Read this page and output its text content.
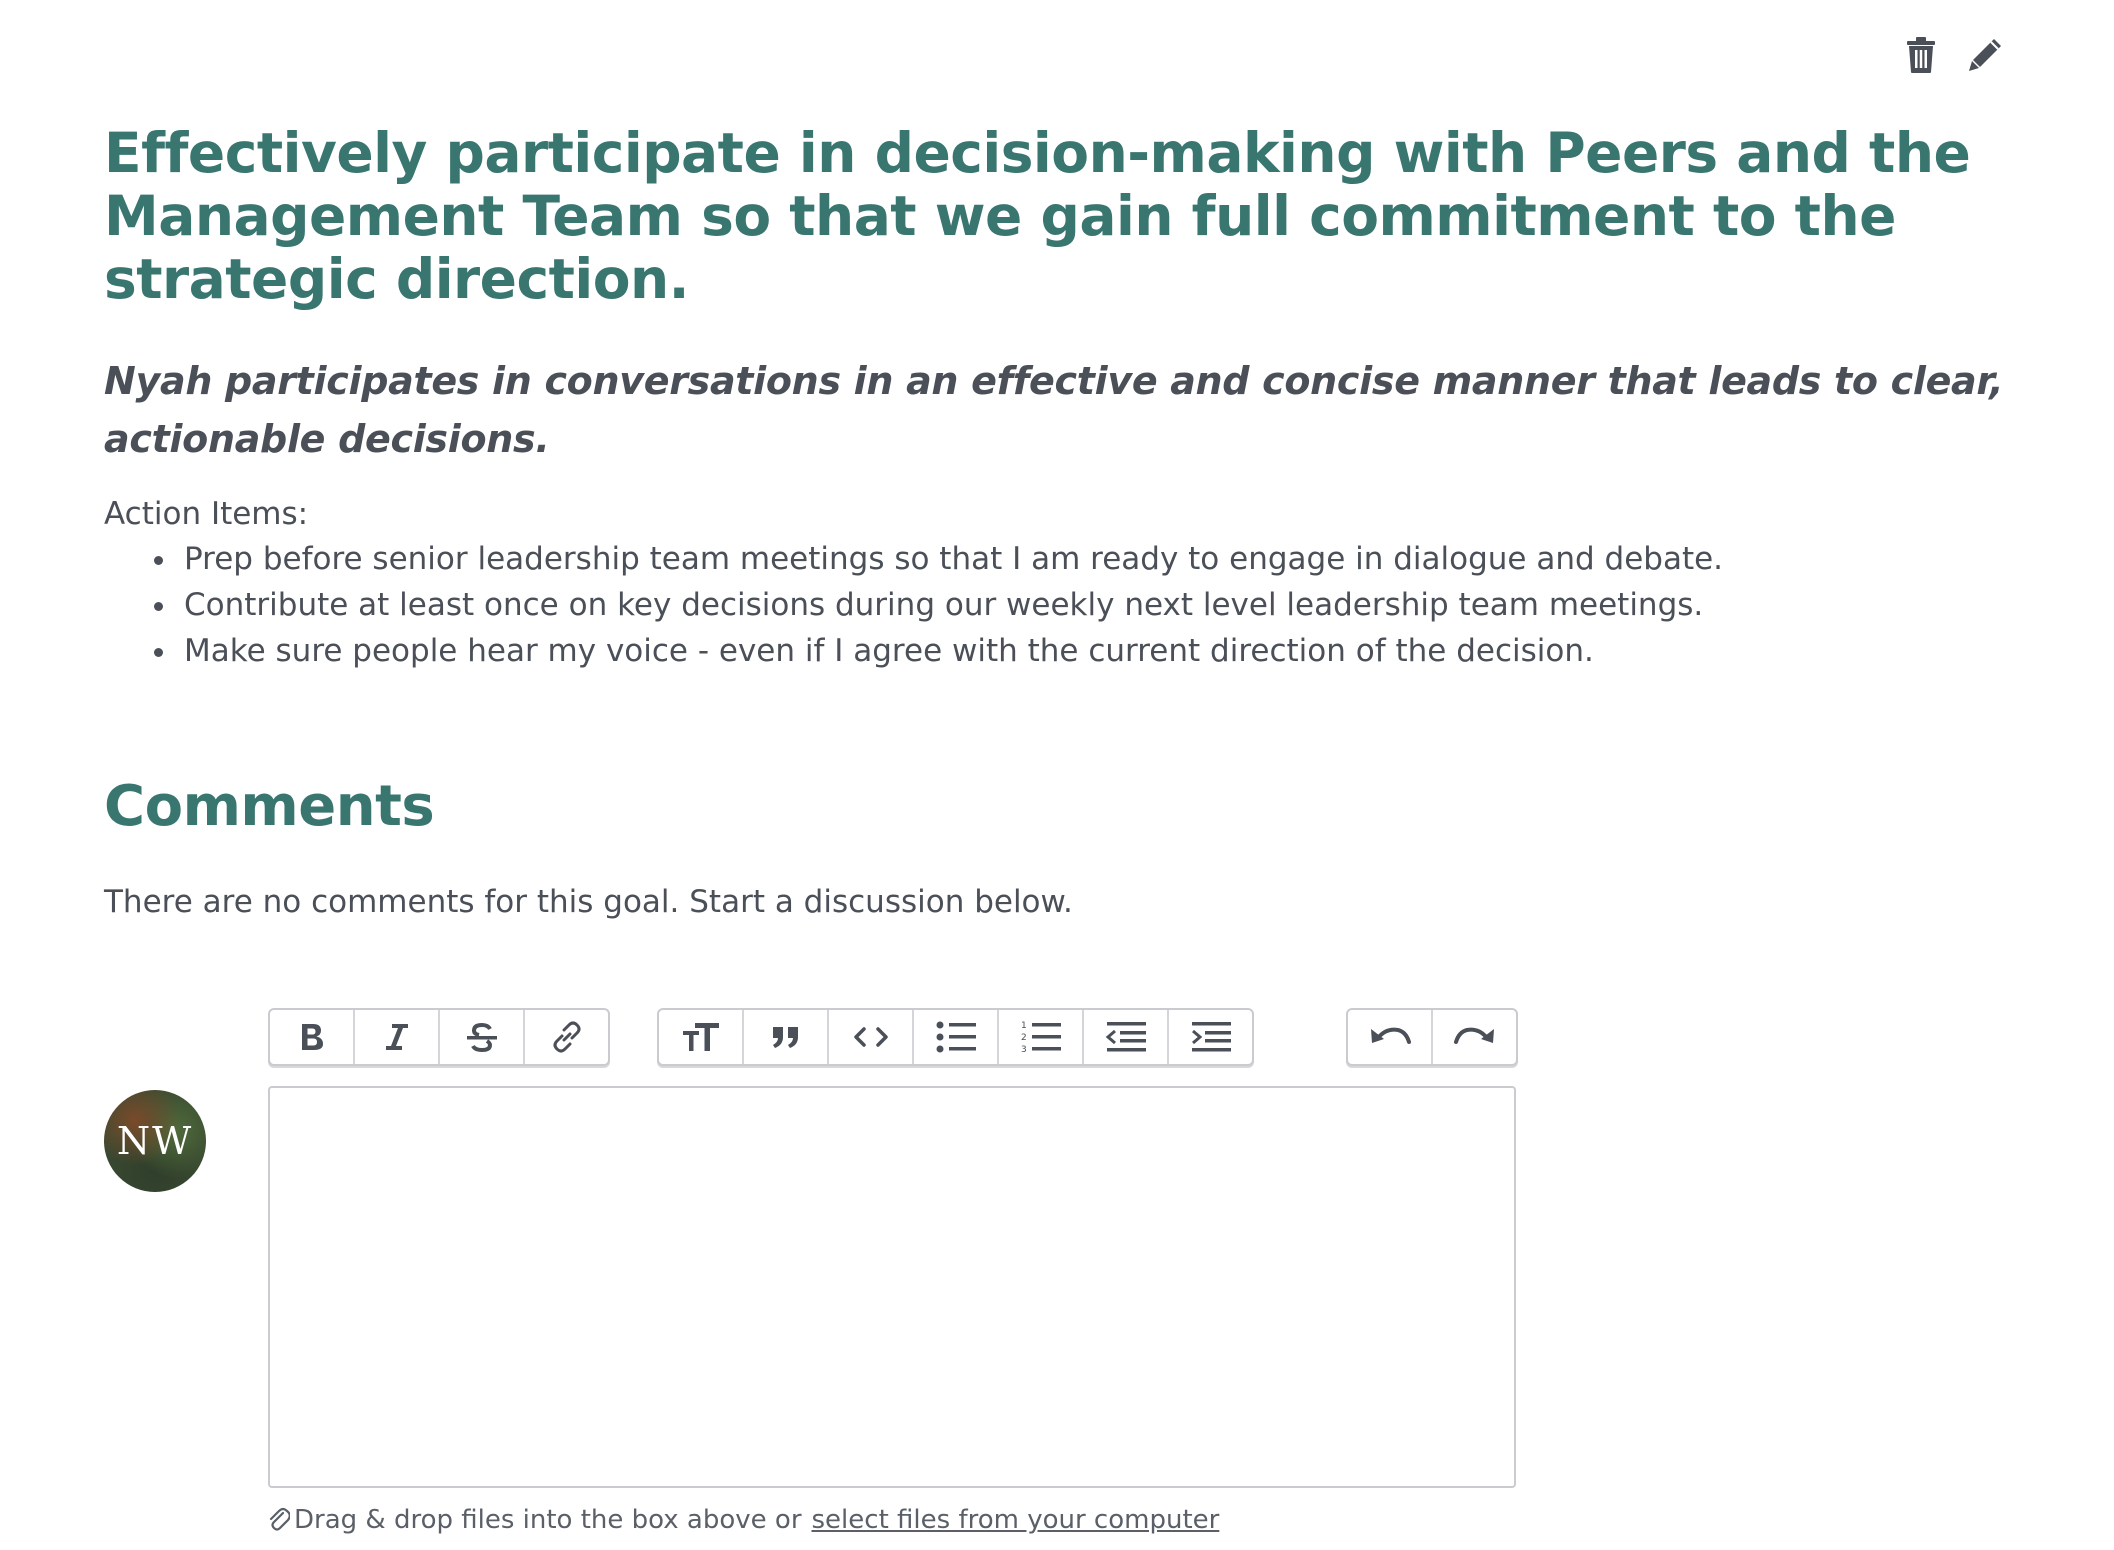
Effectively participate in decision-making with Peers and the Management Team so that we gain full commitment to the strategic direction.

Nyah participates in conversations in an effective and concise manner that leads to clear, actionable decisions.

Action Items:
Prep before senior leadership team meetings so that I am ready to engage in dialogue and debate.
Contribute at least once on key decisions during our weekly next level leadership team meetings.
Make sure people hear my voice - even if I agree with the current direction of the decision.
Comments
There are no comments for this goal. Start a discussion below.
1
2
3
NW
Drag & drop files into the box above or select files from your computer
